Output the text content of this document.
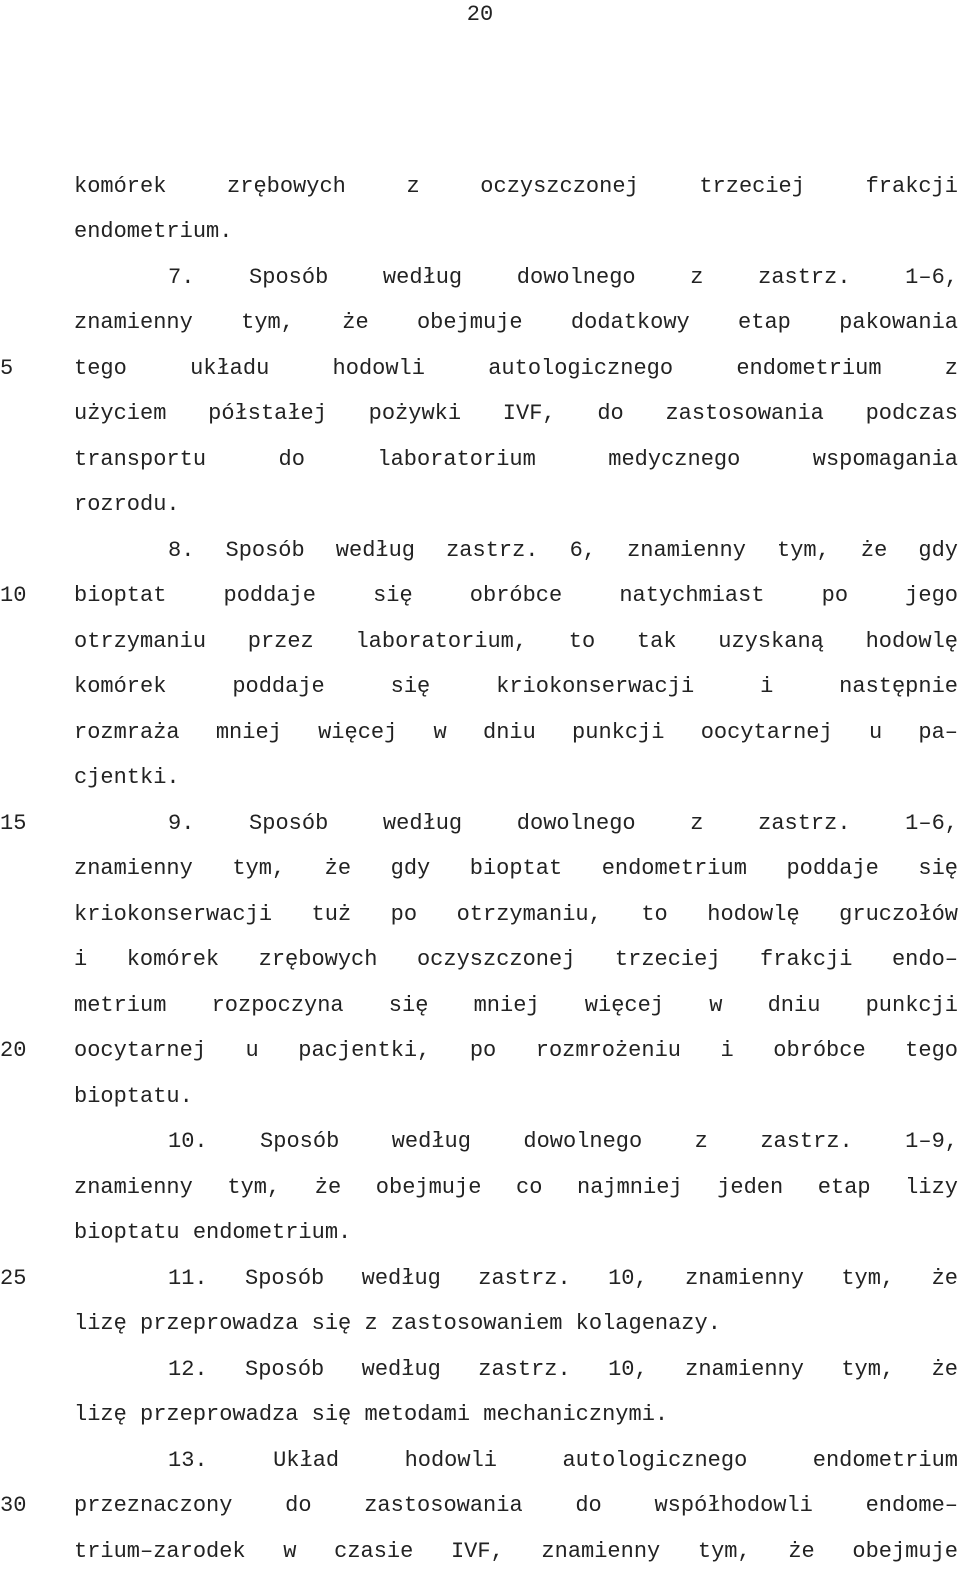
20
5
10
15
20
25
30
komórek zrębowych z oczyszczonej trzeciej frakcji
endometrium.
7. Sposób według dowolnego z zastrz. 1–6,
znamienny tym, że obejmuje dodatkowy etap pakowania
tego układu hodowli autologicznego endometrium z
użyciem półstałej pożywki IVF, do zastosowania podczas
transportu do laboratorium medycznego wspomagania
rozrodu.
8. Sposób według zastrz. 6, znamienny tym, że gdy
bioptat poddaje się obróbce natychmiast po jego
otrzymaniu przez laboratorium, to tak uzyskaną hodowlę
komórek poddaje się kriokonserwacji i następnie
rozmraża mniej więcej w dniu punkcji oocytarnej u pa–
cjentki.
9. Sposób według dowolnego z zastrz. 1–6,
znamienny tym, że gdy bioptat endometrium poddaje się
kriokonserwacji tuż po otrzymaniu, to hodowlę gruczołów
i komórek zrębowych oczyszczonej trzeciej frakcji endo–
metrium rozpoczyna się mniej więcej w dniu punkcji
oocytarnej u pacjentki, po rozmrożeniu i obróbce tego
bioptatu.
10. Sposób według dowolnego z zastrz. 1–9,
znamienny tym, że obejmuje co najmniej jeden etap lizy
bioptatu endometrium.
11. Sposób według zastrz. 10, znamienny tym, że
lizę przeprowadza się z zastosowaniem kolagenazy.
12. Sposób według zastrz. 10, znamienny tym, że
lizę przeprowadza się metodami mechanicznymi.
13. Układ hodowli autologicznego endometrium
przeznaczony do zastosowania do współhodowli endome–
trium–zarodek w czasie IVF, znamienny tym, że obejmuje
